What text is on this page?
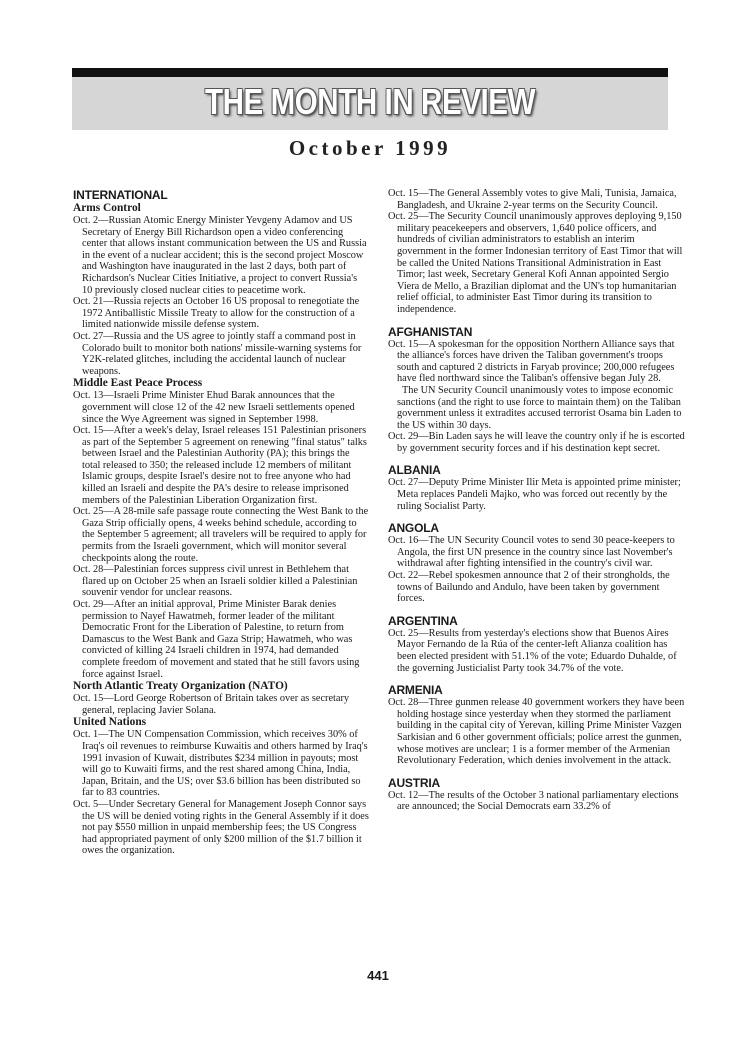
THE MONTH IN REVIEW
October 1999
INTERNATIONAL
Arms Control
Oct. 2—Russian Atomic Energy Minister Yevgeny Adamov and US Secretary of Energy Bill Richardson open a video conferencing center that allows instant communication between the US and Russia in the event of a nuclear accident; this is the second project Moscow and Washington have inaugurated in the last 2 days, both part of Richardson's Nuclear Cities Initiative, a project to convert Russia's 10 previously closed nuclear cities to peacetime work.
Oct. 21—Russia rejects an October 16 US proposal to renegotiate the 1972 Antiballistic Missile Treaty to allow for the construction of a limited nationwide missile defense system.
Oct. 27—Russia and the US agree to jointly staff a command post in Colorado built to monitor both nations' missile-warning systems for Y2K-related glitches, including the accidental launch of nuclear weapons.
Middle East Peace Process
Oct. 13—Israeli Prime Minister Ehud Barak announces that the government will close 12 of the 42 new Israeli settlements opened since the Wye Agreement was signed in September 1998.
Oct. 15—After a week's delay, Israel releases 151 Palestinian prisoners as part of the September 5 agreement on renewing "final status" talks between Israel and the Palestinian Authority (PA); this brings the total released to 350; the released include 12 members of militant Islamic groups, despite Israel's desire not to free anyone who had killed an Israeli and despite the PA's desire to release imprisoned members of the Palestinian Liberation Organization first.
Oct. 25—A 28-mile safe passage route connecting the West Bank to the Gaza Strip officially opens, 4 weeks behind schedule, according to the September 5 agreement; all travelers will be required to apply for permits from the Israeli government, which will monitor several checkpoints along the route.
Oct. 28—Palestinian forces suppress civil unrest in Bethlehem that flared up on October 25 when an Israeli soldier killed a Palestinian souvenir vendor for unclear reasons.
Oct. 29—After an initial approval, Prime Minister Barak denies permission to Nayef Hawatmeh, former leader of the militant Democratic Front for the Liberation of Palestine, to return from Damascus to the West Bank and Gaza Strip; Hawatmeh, who was convicted of killing 24 Israeli children in 1974, had demanded complete freedom of movement and stated that he still favors using force against Israel.
North Atlantic Treaty Organization (NATO)
Oct. 15—Lord George Robertson of Britain takes over as secretary general, replacing Javier Solana.
United Nations
Oct. 1—The UN Compensation Commission, which receives 30% of Iraq's oil revenues to reimburse Kuwaitis and others harmed by Iraq's 1991 invasion of Kuwait, distributes $234 million in payouts; most will go to Kuwaiti firms, and the rest shared among China, India, Japan, Britain, and the US; over $3.6 billion has been distributed so far to 83 countries.
Oct. 5—Under Secretary General for Management Joseph Connor says the US will be denied voting rights in the General Assembly if it does not pay $550 million in unpaid membership fees; the US Congress had appropriated payment of only $200 million of the $1.7 billion it owes the organization.
Oct. 15—The General Assembly votes to give Mali, Tunisia, Jamaica, Bangladesh, and Ukraine 2-year terms on the Security Council.
Oct. 25—The Security Council unanimously approves deploying 9,150 military peacekeepers and observers, 1,640 police officers, and hundreds of civilian administrators to establish an interim government in the former Indonesian territory of East Timor that will be called the United Nations Transitional Administration in East Timor; last week, Secretary General Kofi Annan appointed Sergio Viera de Mello, a Brazilian diplomat and the UN's top humanitarian relief official, to administer East Timor during its transition to independence.
AFGHANISTAN
Oct. 15—A spokesman for the opposition Northern Alliance says that the alliance's forces have driven the Taliban government's troops south and captured 2 districts in Faryab province; 200,000 refugees have fled northward since the Taliban's offensive began July 28.
The UN Security Council unanimously votes to impose economic sanctions (and the right to use force to maintain them) on the Taliban government unless it extradites accused terrorist Osama bin Laden to the US within 30 days.
Oct. 29—Bin Laden says he will leave the country only if he is escorted by government security forces and if his destination kept secret.
ALBANIA
Oct. 27—Deputy Prime Minister Ilir Meta is appointed prime minister; Meta replaces Pandeli Majko, who was forced out recently by the ruling Socialist Party.
ANGOLA
Oct. 16—The UN Security Council votes to send 30 peace-keepers to Angola, the first UN presence in the country since last November's withdrawal after fighting intensified in the country's civil war.
Oct. 22—Rebel spokesmen announce that 2 of their strongholds, the towns of Bailundo and Andulo, have been taken by government forces.
ARGENTINA
Oct. 25—Results from yesterday's elections show that Buenos Aires Mayor Fernando de la Rúa of the center-left Alianza coalition has been elected president with 51.1% of the vote; Eduardo Duhalde, of the governing Justicialist Party took 34.7% of the vote.
ARMENIA
Oct. 28—Three gunmen release 40 government workers they have been holding hostage since yesterday when they stormed the parliament building in the capital city of Yerevan, killing Prime Minister Vazgen Sarkisian and 6 other government officials; police arrest the gunmen, whose motives are unclear; 1 is a former member of the Armenian Revolutionary Federation, which denies involvement in the attack.
AUSTRIA
Oct. 12—The results of the October 3 national parliamentary elections are announced; the Social Democrats earn 33.2% of
441
